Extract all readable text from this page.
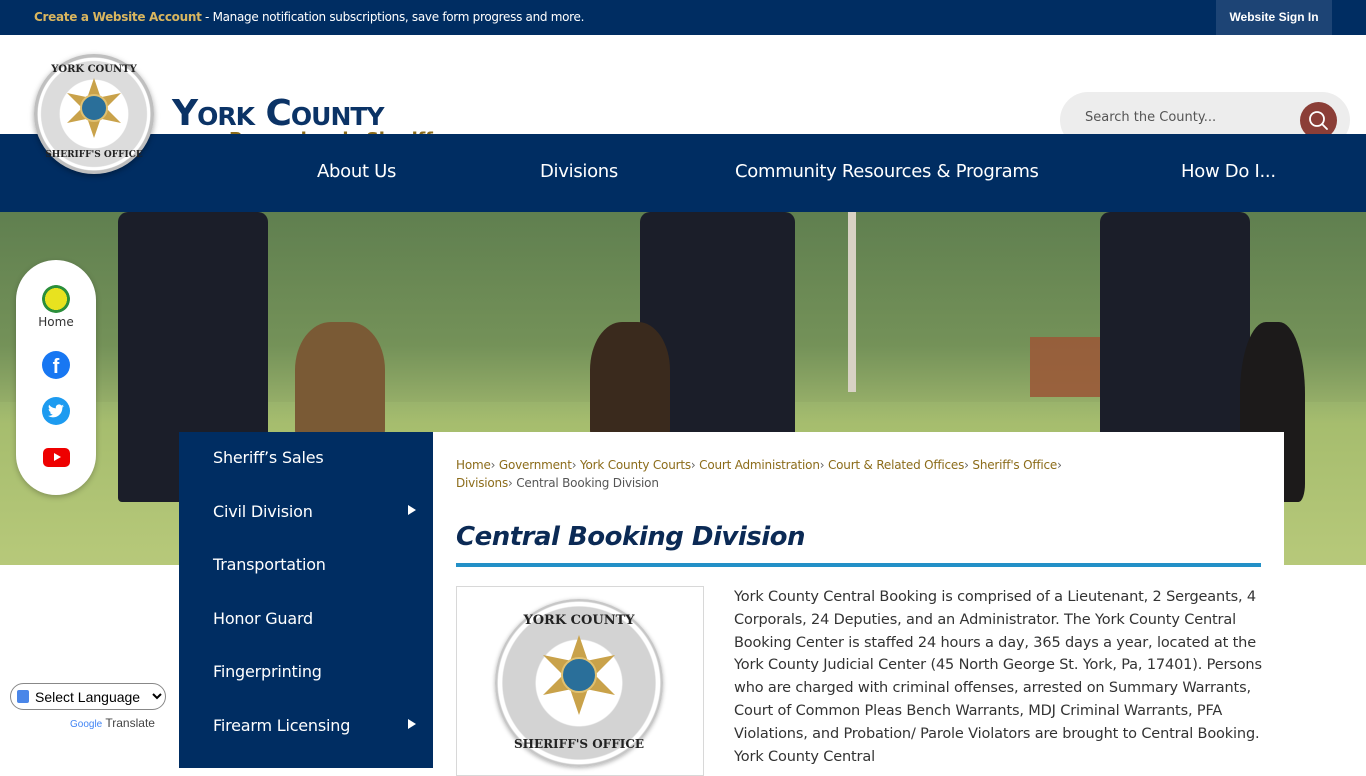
Create a Website Account - Manage notification subscriptions, save form progress and more.	Website Sign In
York County
Search the County...
YORK COUNTY
SHERIFF'S OFFICE
About Us	Divisions	Community Resources & Programs	How Do I...
Home
f
Sheriff’s Sales
Civil Division
Transportation
Honor Guard
Fingerprinting
Firearm Licensing
Home› Government› York County Courts› Court Administration› Court & Related Offices› Sheriff's Office› Divisions› Central Booking Division
Central Booking Division
YORK COUNTY
SHERIFF'S OFFICE

York County Central Booking is comprised of a Lieutenant, 2 Sergeants, 4 Corporals, 24 Deputies, and an Administrator. The York County Central Booking Center is staffed 24 hours a day, 365 days a year, located at the York County Judicial Center (45 North George St. York, Pa, 17401). Persons who are charged with criminal offenses, arrested on Summary Warrants, Court of Common Pleas Bench Warrants, MDJ Criminal Warrants, PFA Violations, and Probation/ Parole Violators are brought to Central Booking. York County Central

Select Language
Google Translate
